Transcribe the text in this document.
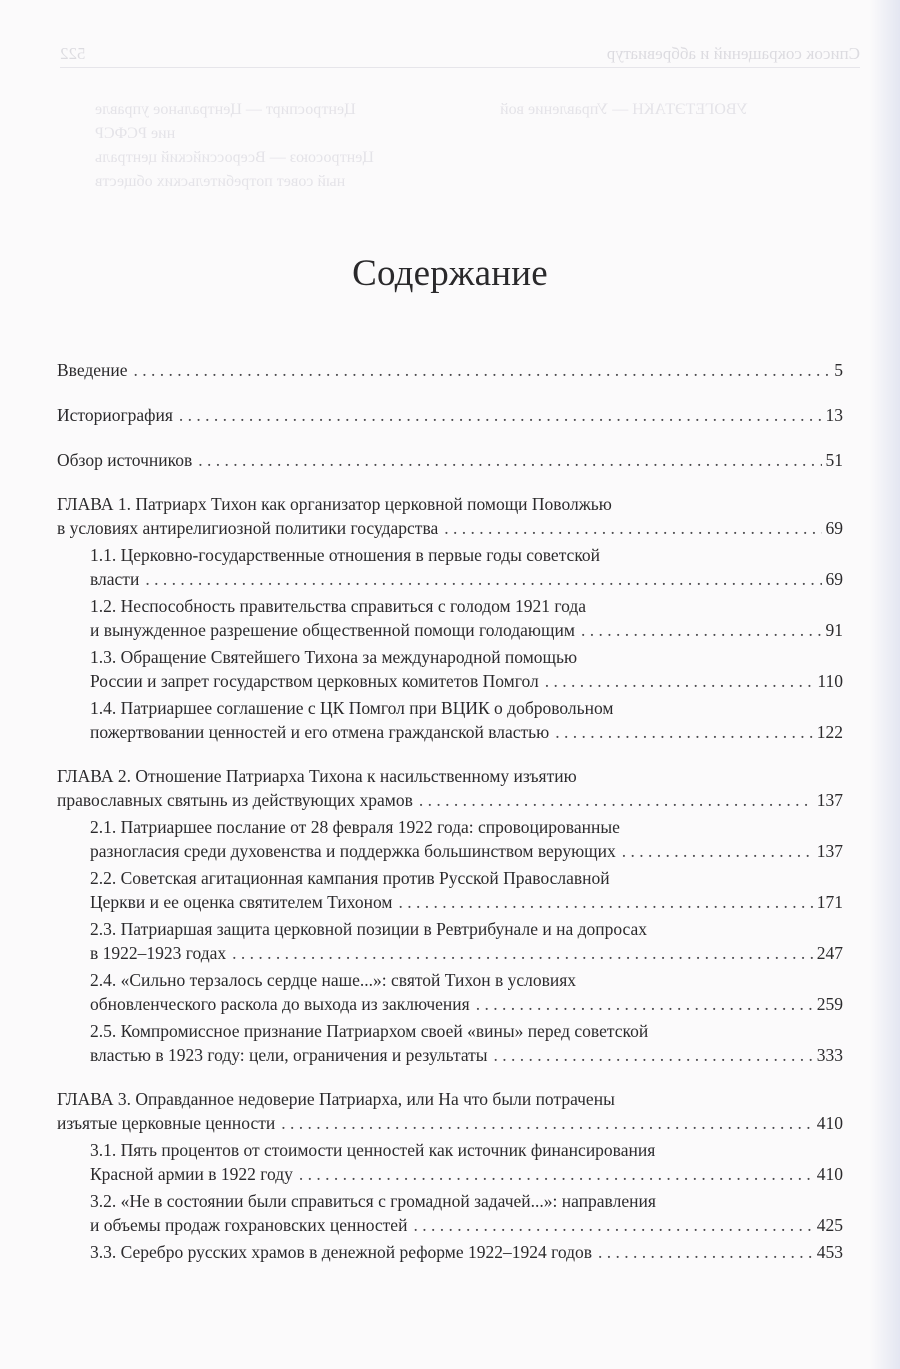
Список сокращений и аббревиатур
522
Центроспирт — Центральное управле
ние РСФСР
Центросоюз — Всероссийский централь
ный совет потребительских обществ
УВОГЕТЭТАКН — Управление вой
Содержание
Введение . . .	5
Историография . . .	13
Обзор источников . . .	51
ГЛАВА 1. Патриарх Тихон как организатор церковной помощи Поволжью
в условиях антирелигиозной политики государства . . .	69
1.1. Церковно-государственные отношения в первые годы советской
власти . . .	69
1.2. Неспособность правительства справиться с голодом 1921 года
и вынужденное разрешение общественной помощи голодающим . . .	91
1.3. Обращение Святейшего Тихона за международной помощью
России и запрет государством церковных комитетов Помгол . . .	110
1.4. Патриаршее соглашение с ЦК Помгол при ВЦИК о добровольном
пожертвовании ценностей и его отмена гражданской властью . . .	122
ГЛАВА 2. Отношение Патриарха Тихона к насильственному изъятию
православных святынь из действующих храмов . . .	137
2.1. Патриаршее послание от 28 февраля 1922 года: спровоцированные
разногласия среди духовенства и поддержка большинством верующих . . .	137
2.2. Советская агитационная кампания против Русской Православной
Церкви и ее оценка святителем Тихоном . . .	171
2.3. Патриаршая защита церковной позиции в Ревтрибунале и на допросах
в 1922–1923 годах . . .	247
2.4. «Сильно терзалось сердце наше...»: святой Тихон в условиях
обновленческого раскола до выхода из заключения . . .	259
2.5. Компромиссное признание Патриархом своей «вины» перед советской
властью в 1923 году: цели, ограничения и результаты . . .	333
ГЛАВА 3. Оправданное недоверие Патриарха, или На что были потрачены
изъятые церковные ценности . . .	410
3.1. Пять процентов от стоимости ценностей как источник финансирования
Красной армии в 1922 году . . .	410
3.2. «Не в состоянии были справиться с громадной задачей...»: направления
и объемы продаж гохрановских ценностей . . .	425
3.3. Серебро русских храмов в денежной реформе 1922–1924 годов . . .	453
